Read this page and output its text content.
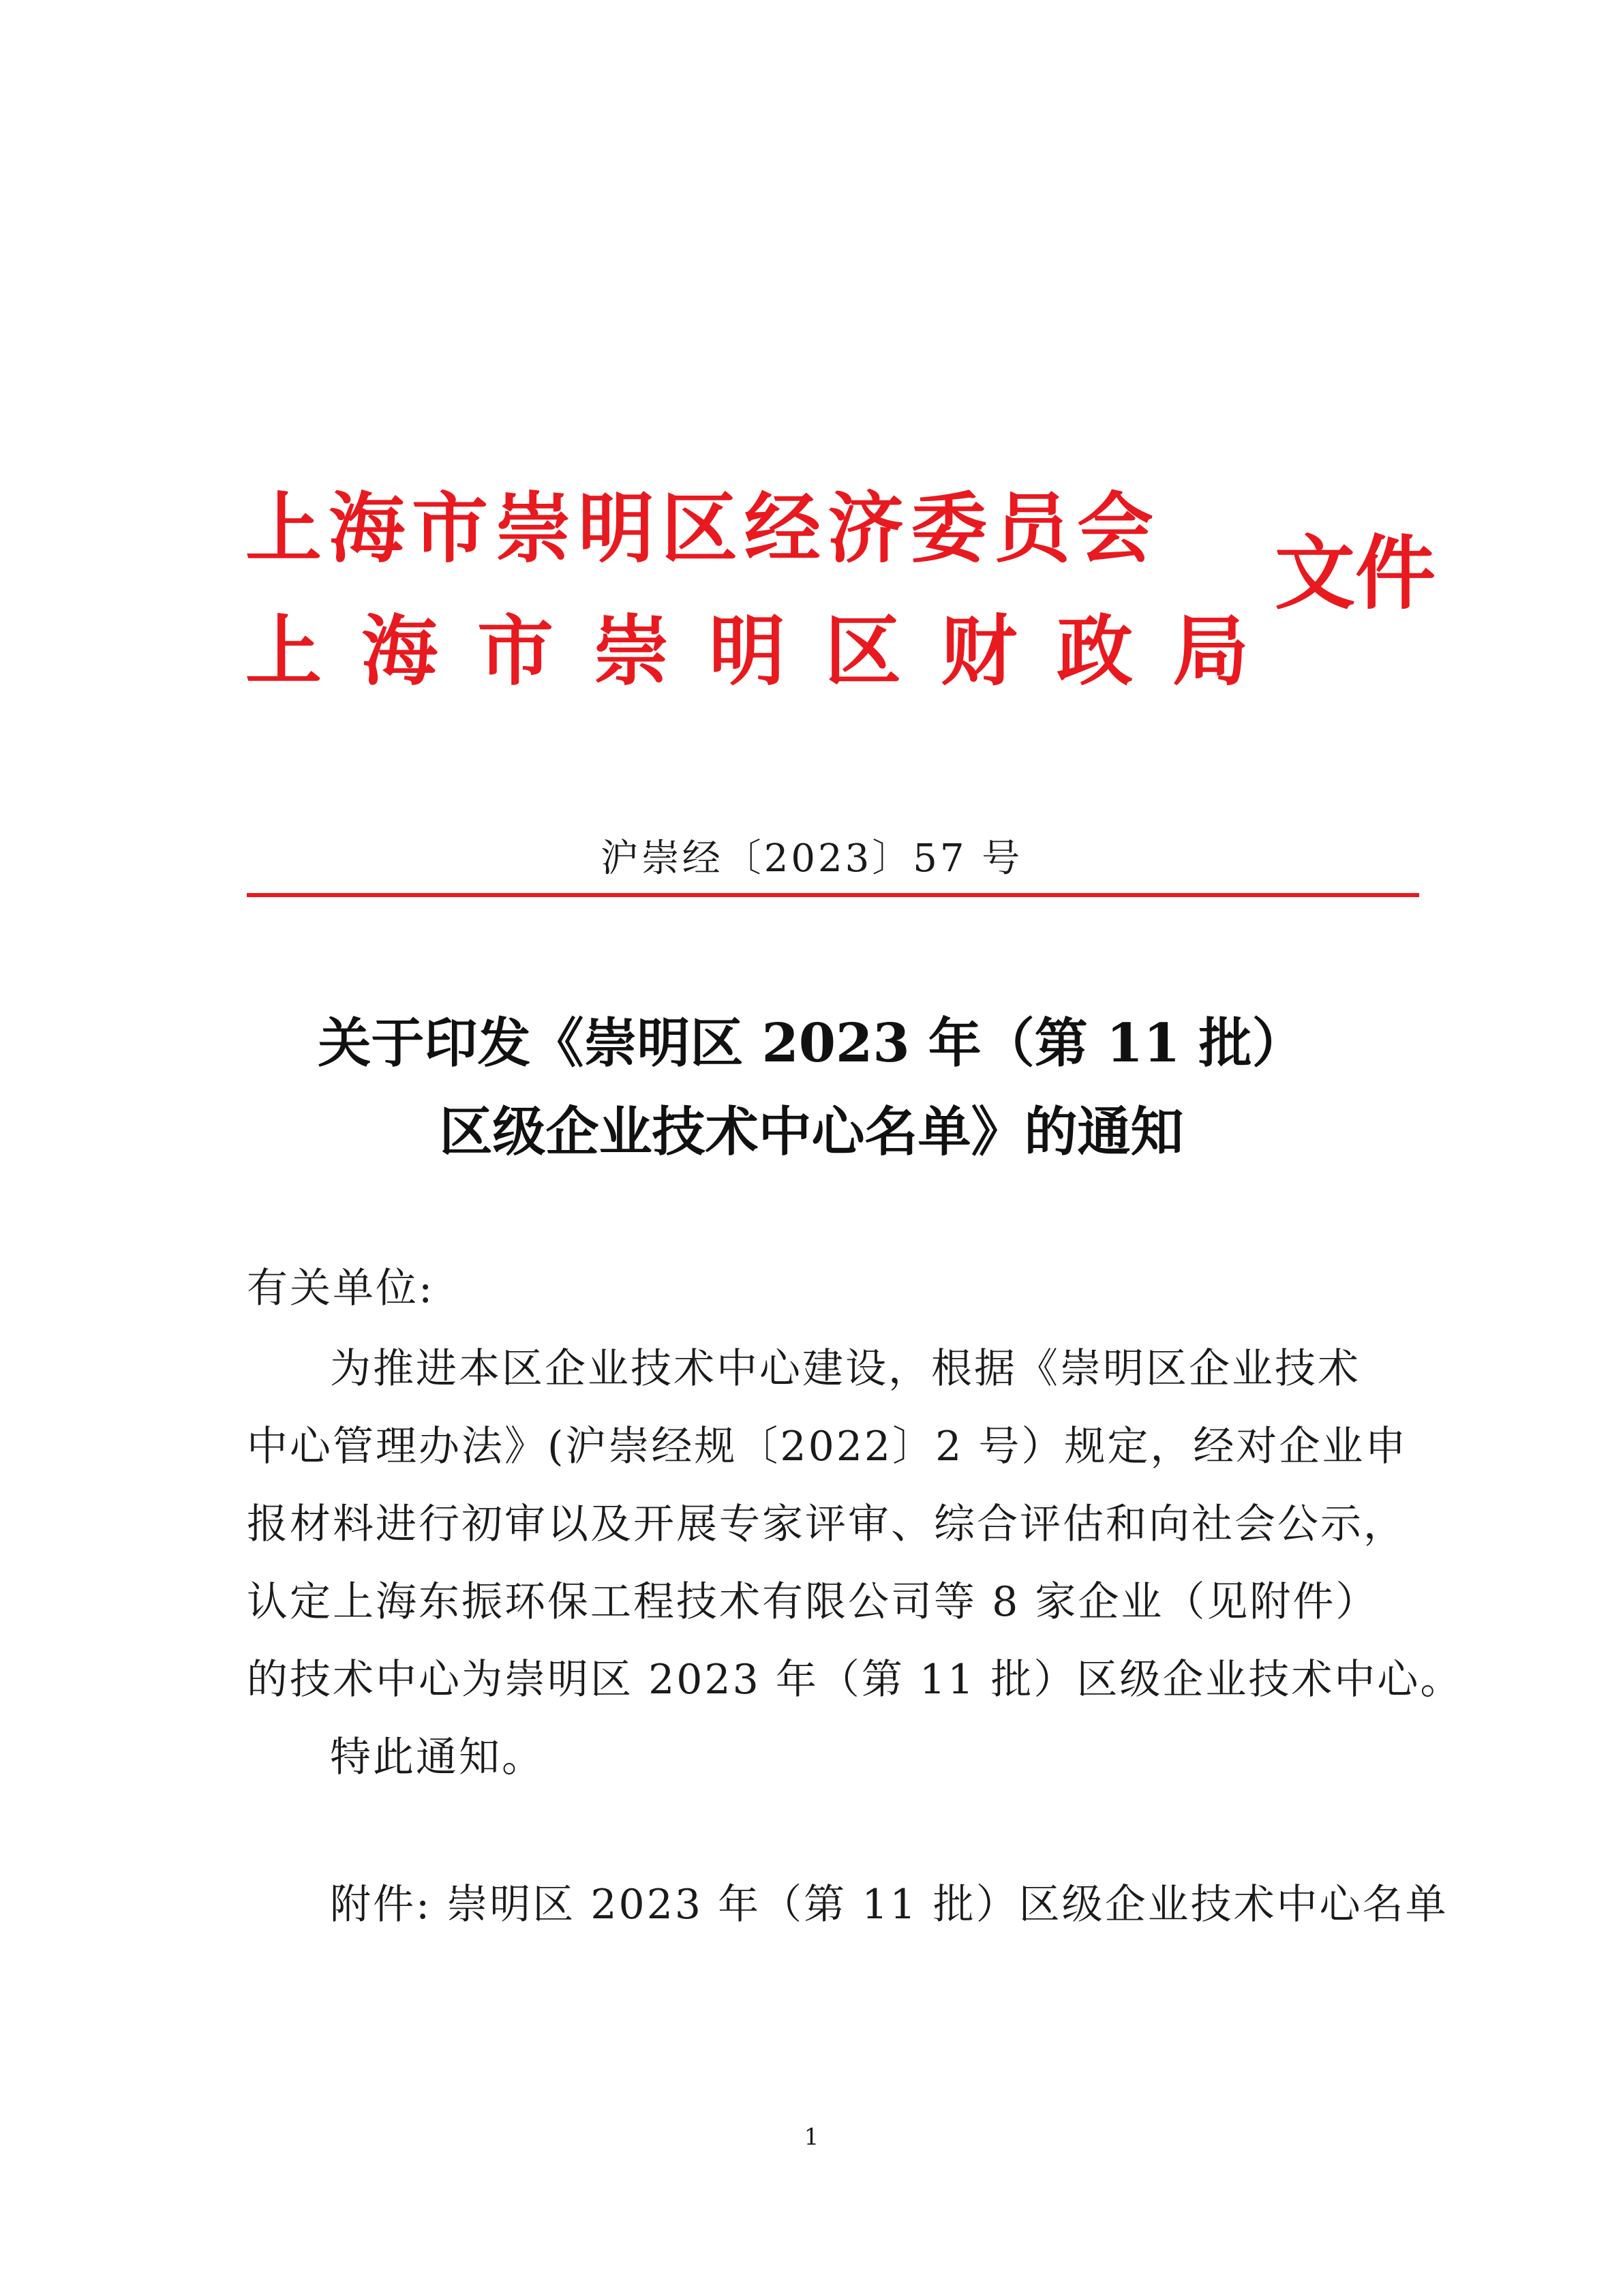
上海市崇明区经济委员会
上海市崇明区财政局
文件
沪崇经〔2023〕57 号
关于印发《崇明区 2023 年（第 11 批）
区级企业技术中心名单》的通知
有关单位:
为推进本区企业技术中心建设，根据《崇明区企业技术
中心管理办法》(沪崇经规〔2022〕2 号）规定，经对企业申
报材料进行初审以及开展专家评审、综合评估和向社会公示，
认定上海东振环保工程技术有限公司等 8 家企业（见附件）
的技术中心为崇明区 2023 年（第 11 批）区级企业技术中心。
特此通知。
附件: 崇明区 2023 年（第 11 批）区级企业技术中心名单
1
